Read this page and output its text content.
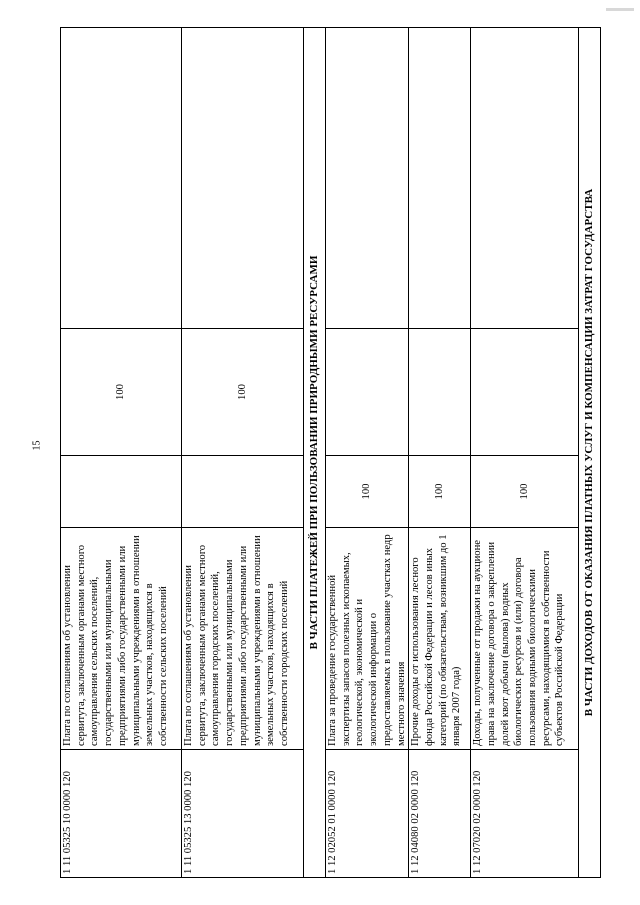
15
1 11 05325 10 0000 120	Плата по соглашениям об установлении сервитута, заключенным органами местного самоуправления сельских поселений, государственными или муниципальными предприятиями либо государственными или муниципальными учреждениями в отношении земельных участков, находящихся в собственности сельских поселений		100	
1 11 05325 13 0000 120	Плата по соглашениям об установлении сервитута, заключенным органами местного самоуправления городских поселений, государственными или муниципальными предприятиями либо государственными или муниципальными учреждениями в отношении земельных участков, находящихся в собственности городских поселений		100	
В ЧАСТИ ПЛАТЕЖЕЙ ПРИ ПОЛЬЗОВАНИИ ПРИРОДНЫМИ РЕСУРСАМИ				
1 12 02052 01 0000 120	Плата за проведение государственной экспертизы запасов полезных ископаемых, геологической, экономической и экологической информации о предоставляемых в пользование участках недр местного значения	100		
1 12 04080 02 0000 120	Прочие доходы от использования лесного фонда Российской Федерации и лесов иных категорий (по обязательствам, возникшим до 1 января 2007 года)	100		
1 12 07020 02 0000 120	Доходы, полученные от продажи на аукционе права на заключение договора о закреплении долей квот добычи (вылова) водных биологических ресурсов и (или) договора пользования водными биологическими ресурсами, находящимися в собственности субъектов Российской Федерации	100		
В ЧАСТИ ДОХОДОВ ОТ ОКАЗАНИЯ ПЛАТНЫХ УСЛУГ И КОМПЕНСАЦИИ ЗАТРАТ ГОСУДАРСТВА				
